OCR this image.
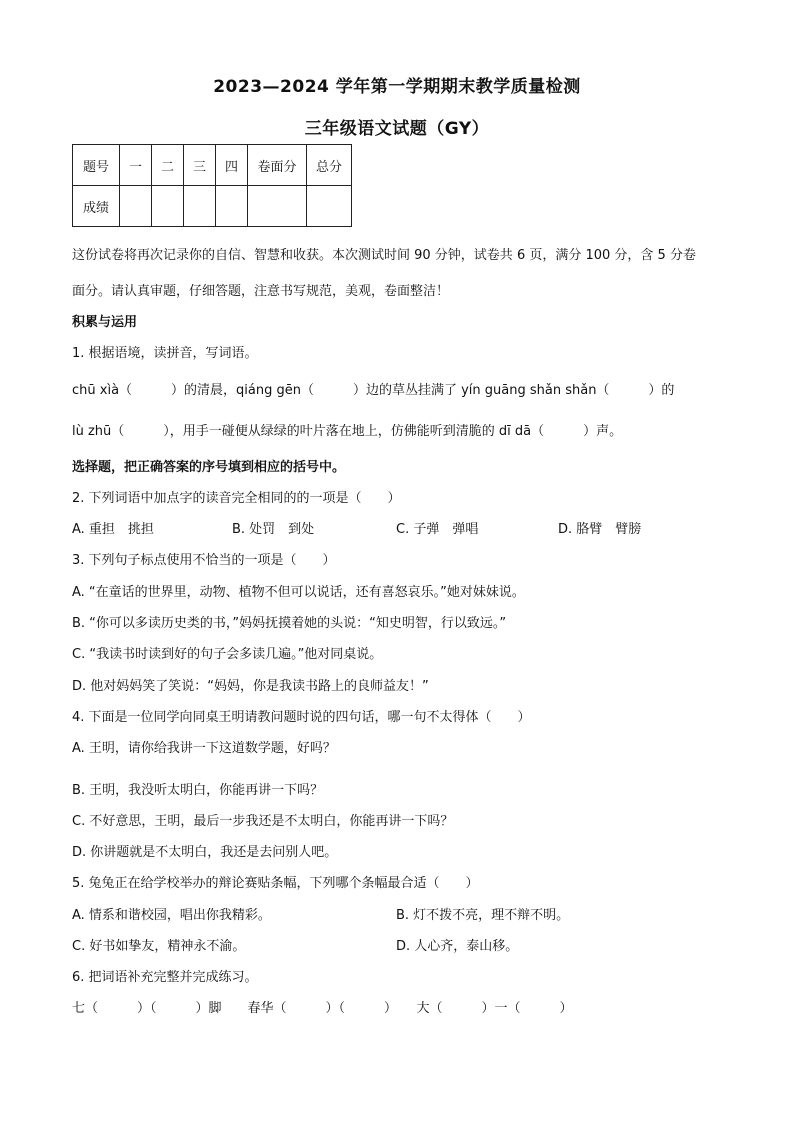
2023—2024 学年第一学期期末教学质量检测
三年级语文试题（GY）
题号	一	二	三	四	卷面分	总分
成绩						
这份试卷将再次记录你的自信、智慧和收获。本次测试时间 90 分钟，试卷共 6 页，满分 100 分，含 5 分卷
面分。请认真审题，仔细答题，注意书写规范，美观，卷面整洁！
积累与运用
1. 根据语境，读拼音，写词语。
chū xìà（　　　）的清晨，qiáng gēn（　　　）边的草丛挂满了 yín guāng shǎn shǎn（　　　）的
lù zhū（　　　），用手一碰便从绿绿的叶片落在地上，仿佛能听到清脆的 dī dā（　　　）声。
选择题，把正确答案的序号填到相应的括号中。
2. 下列词语中加点字的读音完全相同的的一项是（　　）
A. 重担　挑担	B. 处罚　到处	C. 子弹　弹唱	D. 胳臂　臂膀
3. 下列句子标点使用不恰当的一项是（　　）
A. “在童话的世界里，动物、植物不但可以说话，还有喜怒哀乐。”她对妹妹说。
B. “你可以多读历史类的书，”妈妈抚摸着她的头说：“知史明智，行以致远。”
C. “我读书时读到好的句子会多读几遍。”他对同桌说。
D. 他对妈妈笑了笑说：“妈妈，你是我读书路上的良师益友！”
4. 下面是一位同学向同桌王明请教问题时说的四句话，哪一句不太得体（　　）
A. 王明，请你给我讲一下这道数学题，好吗？
B. 王明，我没听太明白，你能再讲一下吗？
C. 不好意思，王明，最后一步我还是不太明白，你能再讲一下吗？
D. 你讲题就是不太明白，我还是去问别人吧。
5. 兔兔正在给学校举办的辩论赛贴条幅，下列哪个条幅最合适（　　）
A. 情系和谐校园，唱出你我精彩。	B. 灯不拨不亮，理不辩不明。
C. 好书如挚友，精神永不渝。	D. 人心齐，泰山移。
6. 把词语补充完整并完成练习。
七（　　　）（　　　）脚　　春华（　　　）（　　　）　　大（　　　）一（　　　）
